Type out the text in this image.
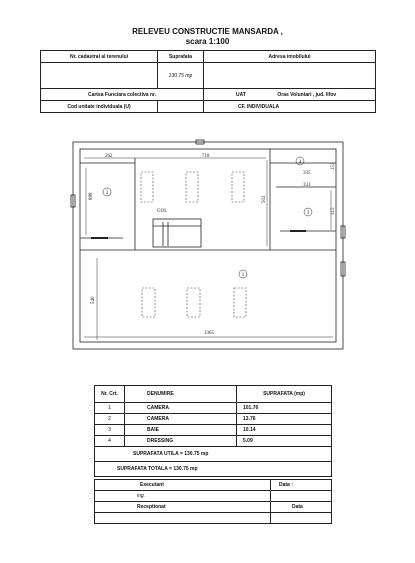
RELEVEU CONSTRUCTIE MANSARDA ,
scara 1:100
Nr. cadastral al terenului	Suprafata	Adresa imobilului
	130.75 mp	
Cartea Funciara colectiva nr.		UAT Oras Voluntari , jud. Ilfov
Cod unitate individuala (U)		CF. INDIVIDUALA
262	718
888	502
153
335
333
315
540
1365
GOL
2
1
3
4
Nr. Crt.	DENUMIRE	SUPRAFATA (mp)
1	CAMERA	101.76
2	CAMERA	13.76
3	BAIE	10.14
4	DRESSING	5.09
SUPRAFATA UTILA = 130.75 mp		
SUPRAFATA TOTALA = 130.75 mp		
Executant	Data :
ing.	
Receptionat	Data
